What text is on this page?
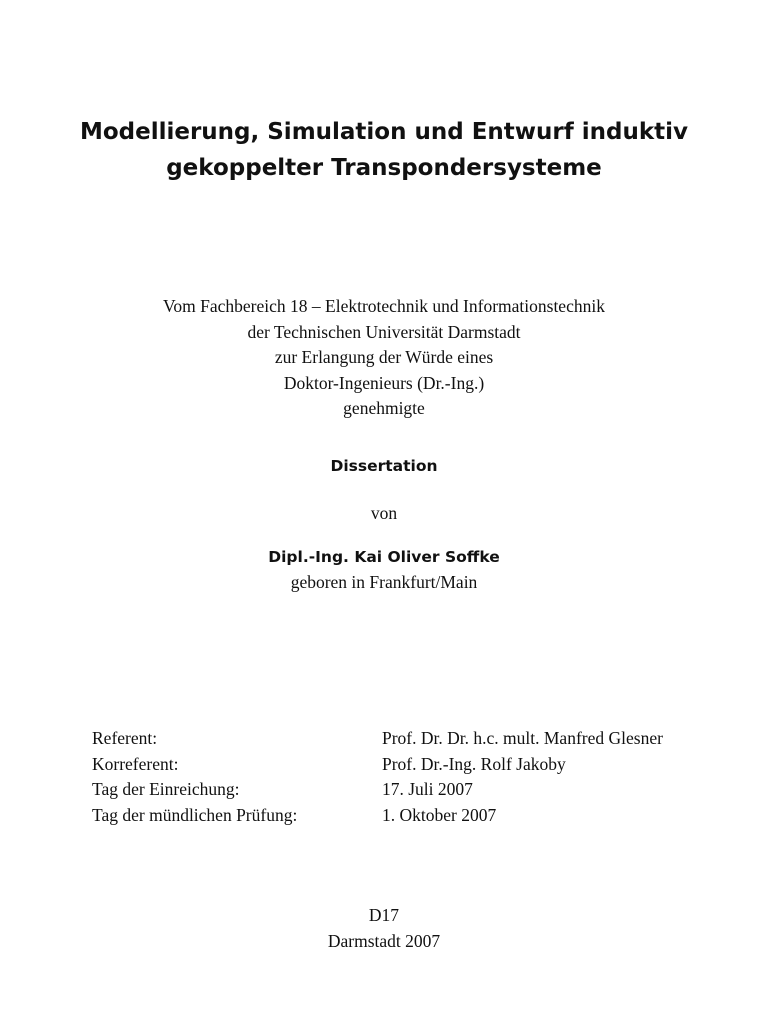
Modellierung, Simulation und Entwurf induktiv
gekoppelter Transpondersysteme
Vom Fachbereich 18 – Elektrotechnik und Informationstechnik
der Technischen Universität Darmstadt
zur Erlangung der Würde eines
Doktor-Ingenieurs (Dr.-Ing.)
genehmigte
Dissertation
von
Dipl.-Ing. Kai Oliver Soffke
geboren in Frankfurt/Main
Referent:	Prof. Dr. Dr. h.c. mult. Manfred Glesner
Korreferent:	Prof. Dr.-Ing. Rolf Jakoby
Tag der Einreichung:	17. Juli 2007
Tag der mündlichen Prüfung:	1. Oktober 2007
D17
Darmstadt 2007
